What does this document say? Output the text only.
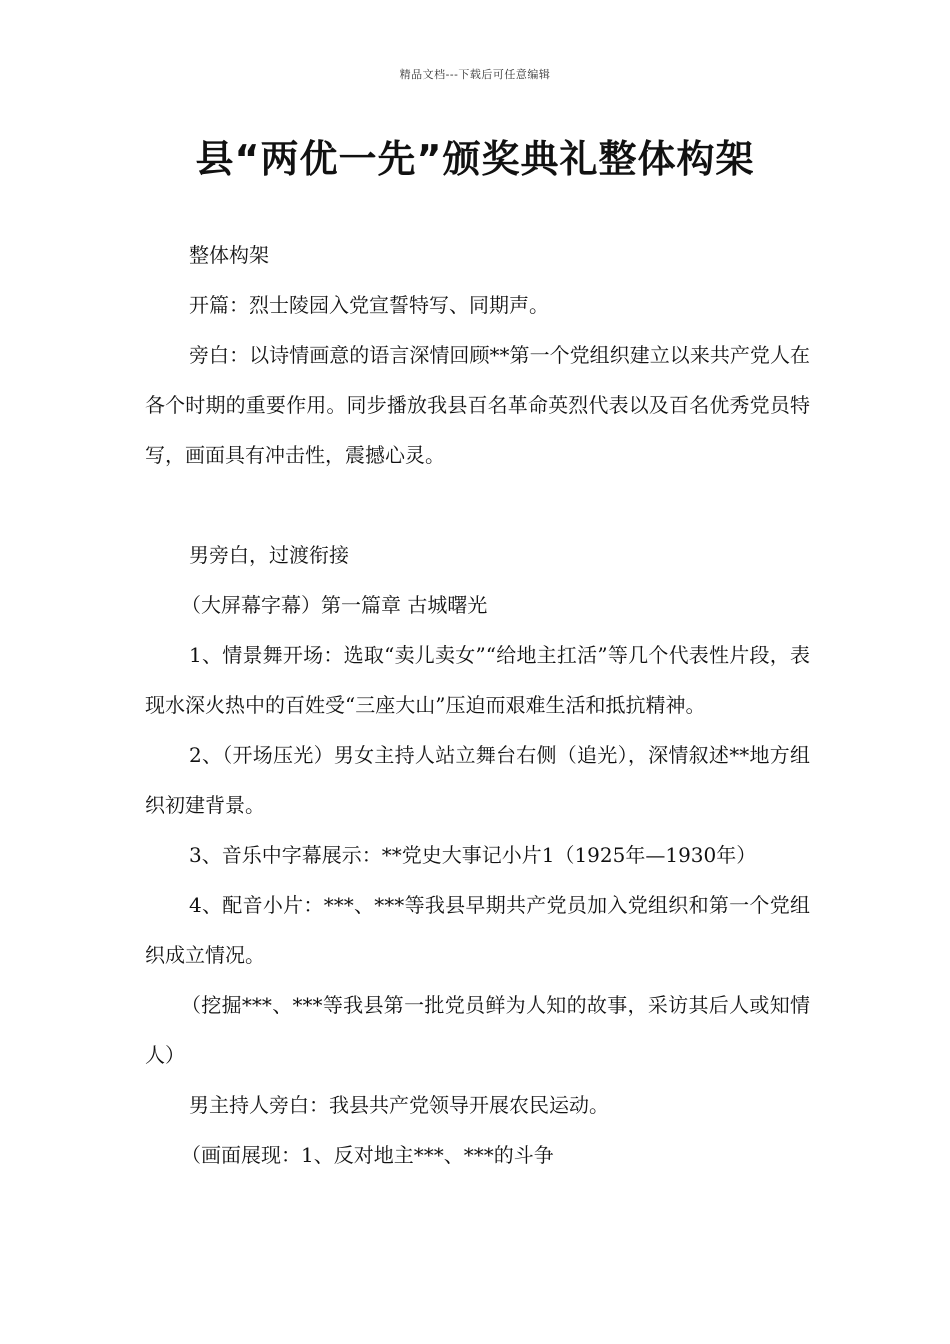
精品文档---下载后可任意编辑
县“两优一先”颁奖典礼整体构架

整体构架

开篇：烈士陵园入党宣誓特写、同期声。

旁白：以诗情画意的语言深情回顾**第一个党组织建立以来共产党人在各个时期的重要作用。同步播放我县百名革命英烈代表以及百名优秀党员特写，画面具有冲击性，震撼心灵。

男旁白，过渡衔接

（大屏幕字幕）第一篇章 古城曙光

1、情景舞开场：选取“卖儿卖女”“给地主扛活”等几个代表性片段，表现水深火热中的百姓受“三座大山”压迫而艰难生活和抵抗精神。

2、（开场压光）男女主持人站立舞台右侧（追光），深情叙述**地方组织初建背景。

3、音乐中字幕展示：**党史大事记小片1（1925年—1930年）

4、配音小片：***、***等我县早期共产党员加入党组织和第一个党组织成立情况。

（挖掘***、***等我县第一批党员鲜为人知的故事，采访其后人或知情人）

男主持人旁白：我县共产党领导开展农民运动。

（画面展现：1、反对地主***、***的斗争
